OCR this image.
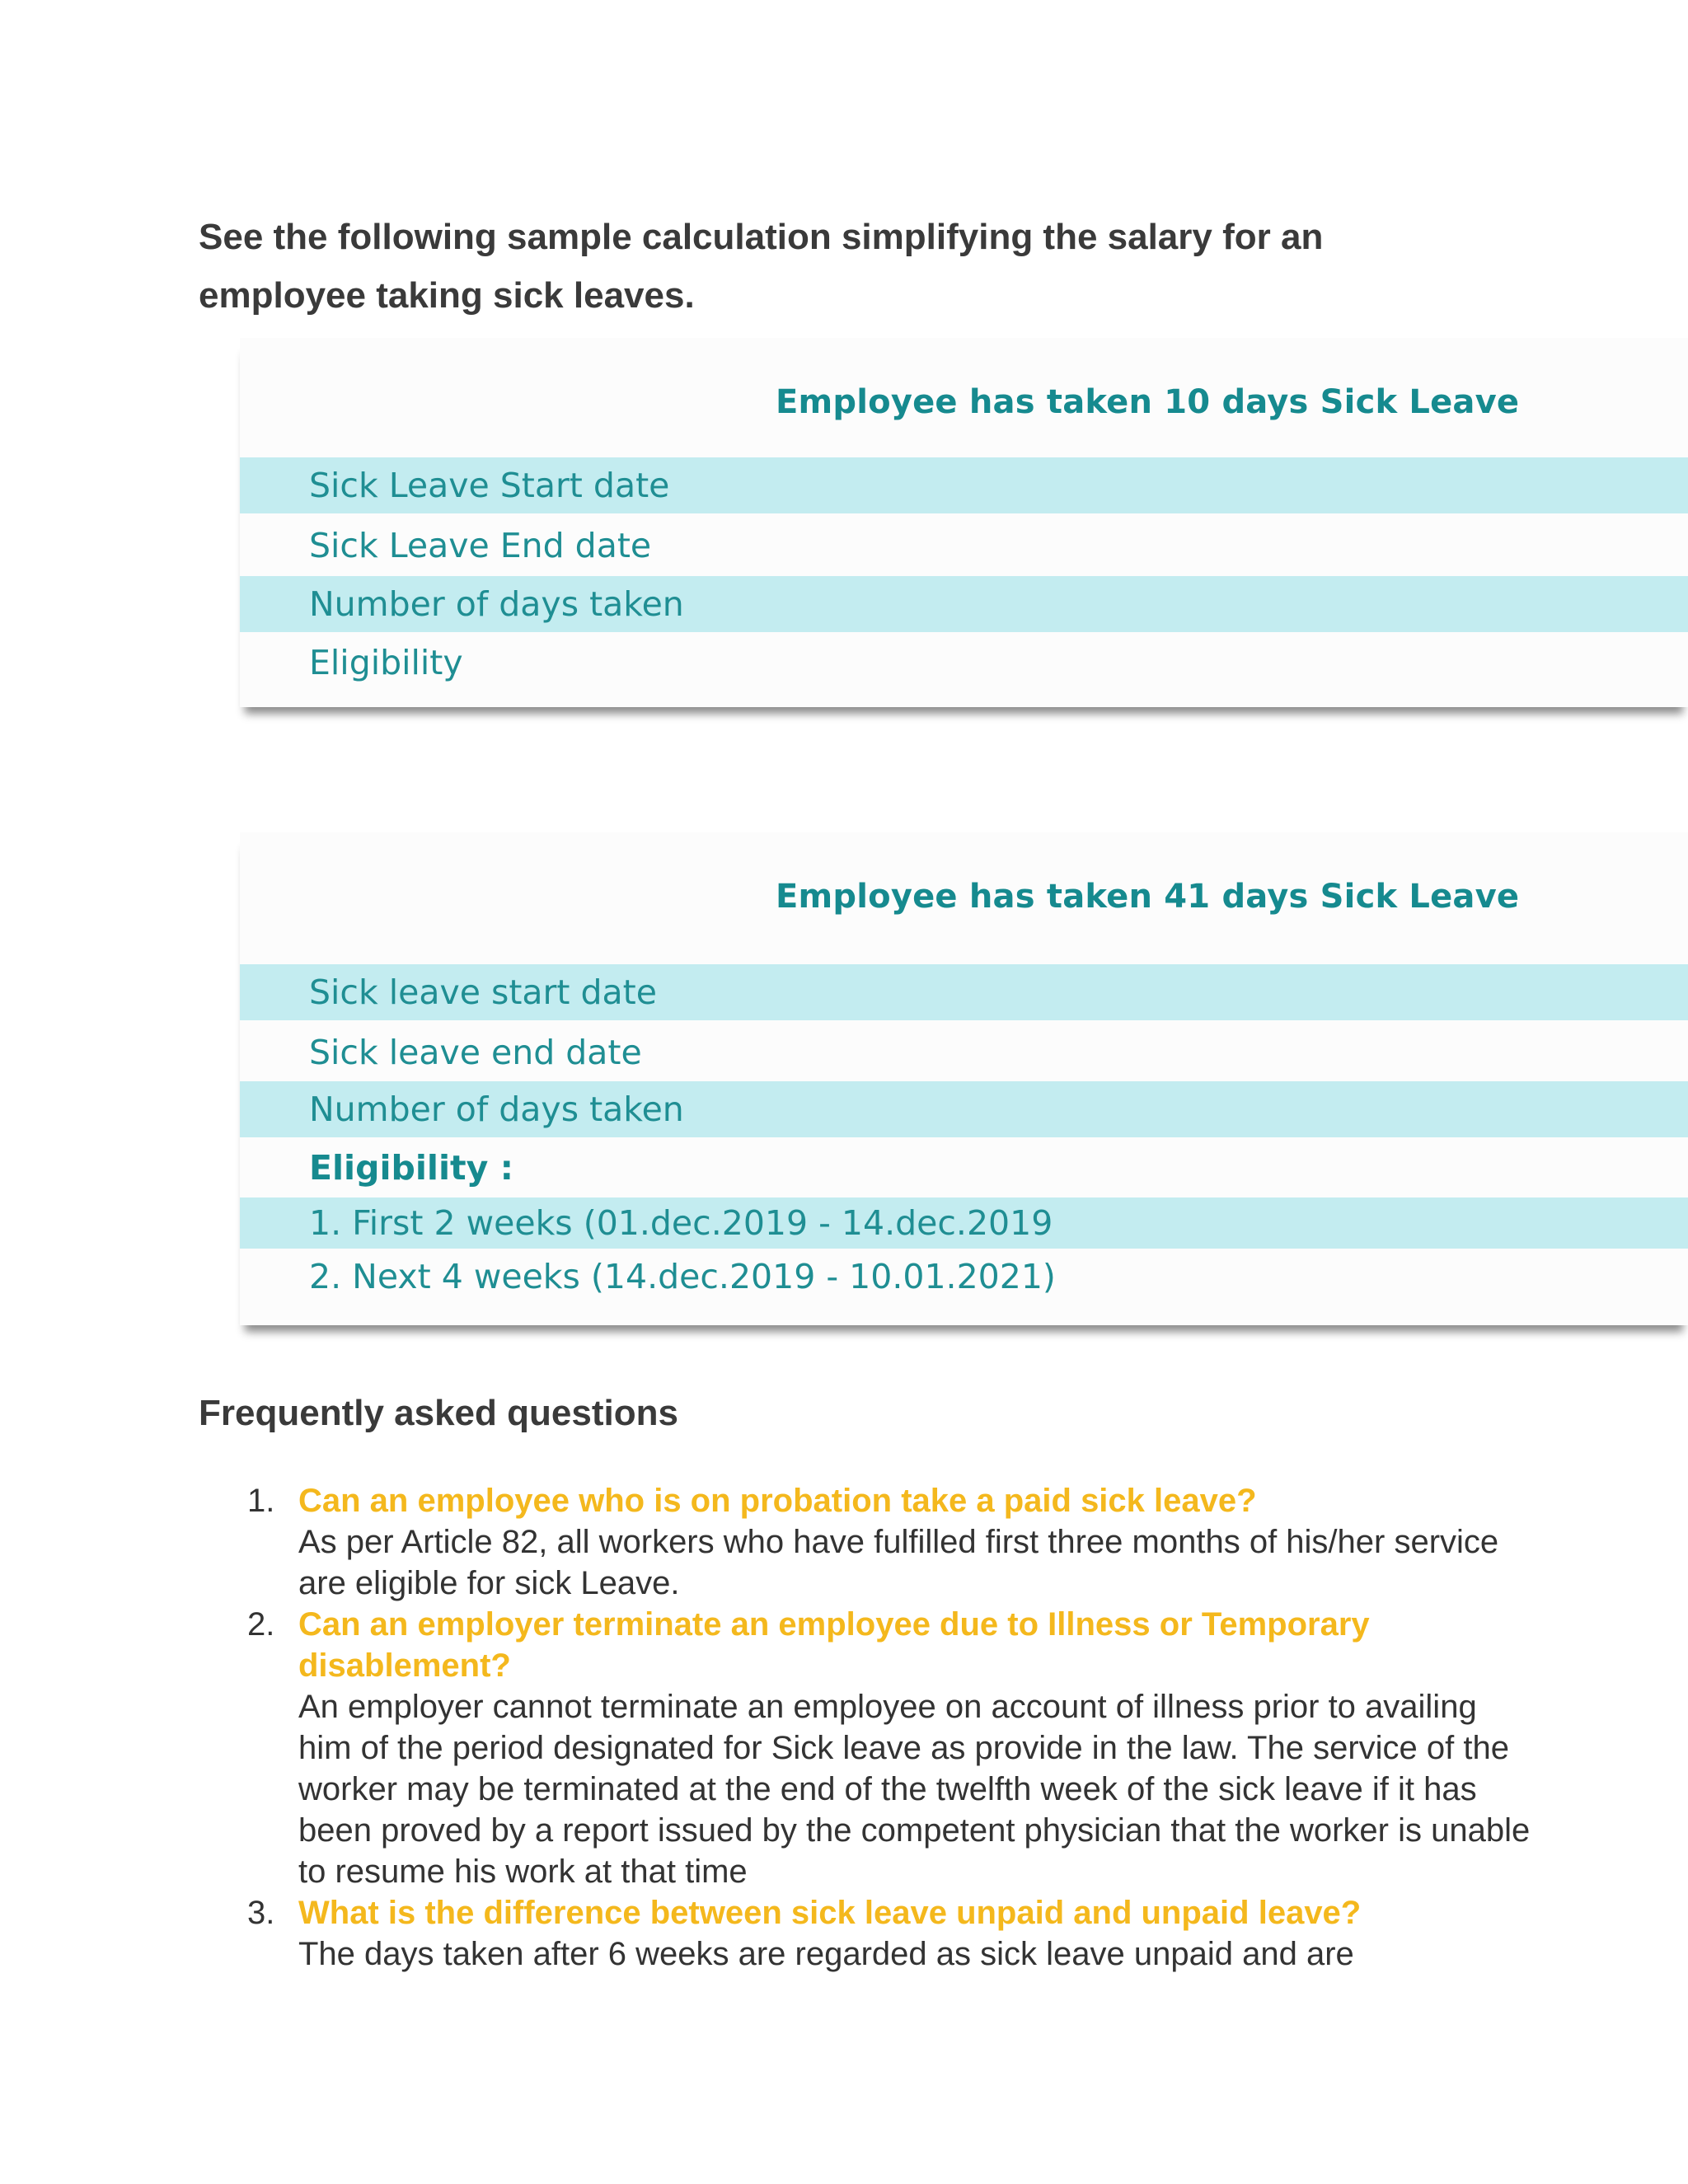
See the following sample calculation simplifying the salary for an employee taking sick leaves.

Employee has taken 10 days Sick Leave
Sick Leave Start date
Sick Leave End date
Number of days taken
Eligibility
Employee has taken 41 days Sick Leave
Sick leave start date
Sick leave end date
Number of days taken
Eligibility :
1. First 2 weeks (01.dec.2019 - 14.dec.2019
2. Next 4 weeks (14.dec.2019 - 10.01.2021)
Frequently asked questions
1. Can an employee who is on probation take a paid sick leave?
As per Article 82, all workers who have fulfilled first three months of his/her service are eligible for sick Leave.
2. Can an employer terminate an employee due to Illness or Temporary disablement?
An employer cannot terminate an employee on account of illness prior to availing him of the period designated for Sick leave as provide in the law. The service of the worker may be terminated at the end of the twelfth week of the sick leave if it has been proved by a report issued by the competent physician that the worker is unable to resume his work at that time
3. What is the difference between sick leave unpaid and unpaid leave?
The days taken after 6 weeks are regarded as sick leave unpaid and are
